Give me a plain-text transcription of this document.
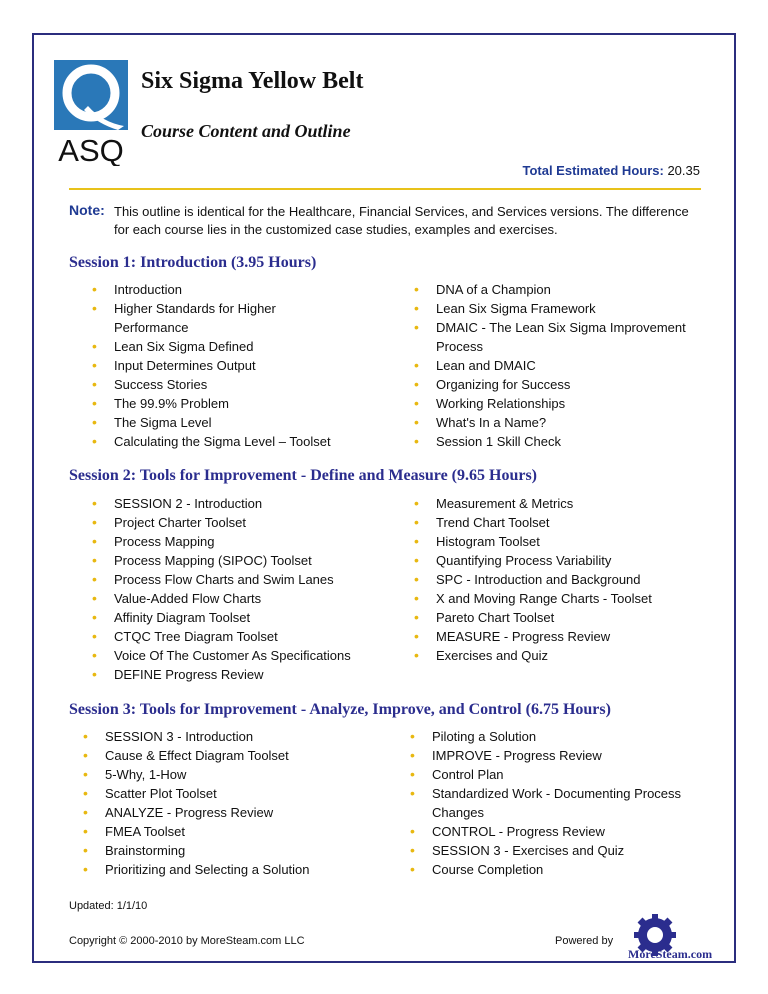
ASQ
Six Sigma Yellow Belt
Course Content and Outline
Total Estimated Hours: 20.35
Note: This outline is identical for the Healthcare, Financial Services, and Services versions. The difference for each course lies in the customized case studies, examples and exercises.
Session 1: Introduction (3.95 Hours)
• Introduction
• Higher Standards for Higher Performance
• Lean Six Sigma Defined
• Input Determines Output
• Success Stories
• The 99.9% Problem
• The Sigma Level
• Calculating the Sigma Level – Toolset
• DNA of a Champion
• Lean Six Sigma Framework
• DMAIC - The Lean Six Sigma Improvement Process
• Lean and DMAIC
• Organizing for Success
• Working Relationships
• What's In a Name?
• Session 1 Skill Check
Session 2: Tools for Improvement - Define and Measure (9.65 Hours)
• SESSION 2 - Introduction
• Project Charter Toolset
• Process Mapping
• Process Mapping (SIPOC) Toolset
• Process Flow Charts and Swim Lanes
• Value-Added Flow Charts
• Affinity Diagram Toolset
• CTQC Tree Diagram Toolset
• Voice Of The Customer As Specifications
• DEFINE Progress Review
• Measurement & Metrics
• Trend Chart Toolset
• Histogram Toolset
• Quantifying Process Variability
• SPC - Introduction and Background
• X and Moving Range Charts - Toolset
• Pareto Chart Toolset
• MEASURE - Progress Review
• Exercises and Quiz
Session 3: Tools for Improvement - Analyze, Improve, and Control (6.75 Hours)
• SESSION 3 - Introduction
• Cause & Effect Diagram Toolset
• 5-Why, 1-How
• Scatter Plot Toolset
• ANALYZE - Progress Review
• FMEA Toolset
• Brainstorming
• Prioritizing and Selecting a Solution
• Piloting a Solution
• IMPROVE - Progress Review
• Control Plan
• Standardized Work - Documenting Process Changes
• CONTROL - Progress Review
• SESSION 3 - Exercises and Quiz
• Course Completion
Updated: 1/1/10
Copyright © 2000-2010 by MoreSteam.com LLC	Powered by
MoreSteam.com
